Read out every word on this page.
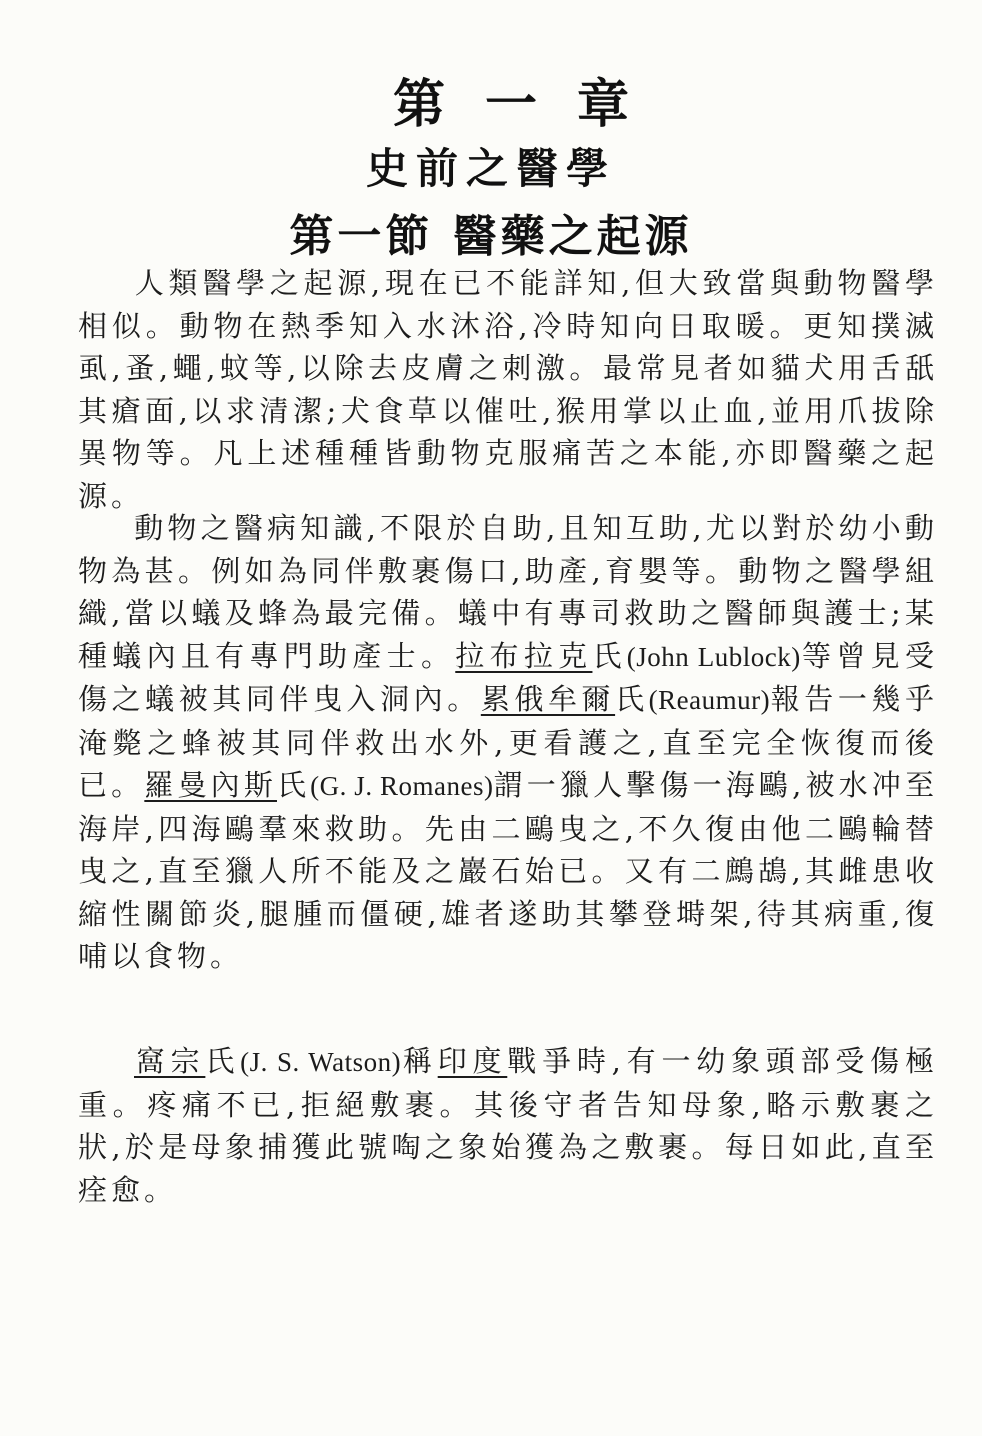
第一章
史前之醫學
第一節 醫藥之起源

人類醫學之起源,現在已不能詳知,但大致當與動物醫學相似。動物在熱季知入水沐浴,冷時知向日取暖。更知撲滅虱,蚤,蠅,蚊等,以除去皮膚之刺激。最常見者如貓犬用舌舐其瘡面,以求清潔;犬食草以催吐,猴用掌以止血,並用爪拔除異物等。凡上述種種皆動物克服痛苦之本能,亦即醫藥之起源。

動物之醫病知識,不限於自助,且知互助,尤以對於幼小動物為甚。例如為同伴敷裹傷口,助產,育嬰等。動物之醫學組織,當以蟻及蜂為最完備。蟻中有專司救助之醫師與護士;某種蟻內且有專門助產士。拉布拉克氏(John Lublock)等曾見受傷之蟻被其同伴曳入洞內。累俄牟爾氏(Reaumur)報告一幾乎淹斃之蜂被其同伴救出水外,更看護之,直至完全恢復而後已。羅曼內斯氏(G. J. Romanes)謂一獵人擊傷一海鷗,被水冲至海岸,四海鷗羣來救助。先由二鷗曳之,不久復由他二鷗輪替曳之,直至獵人所不能及之巖石始已。又有二鷓鴣,其雌患收縮性關節炎,腿腫而僵硬,雄者遂助其攀登塒架,待其病重,復哺以食物。

窩宗氏(J. S. Watson)稱印度戰爭時,有一幼象頭部受傷極重。疼痛不已,拒絕敷裹。其後守者告知母象,略示敷裹之狀,於是母象捕獲此號啕之象始獲為之敷裹。每日如此,直至痊愈。
